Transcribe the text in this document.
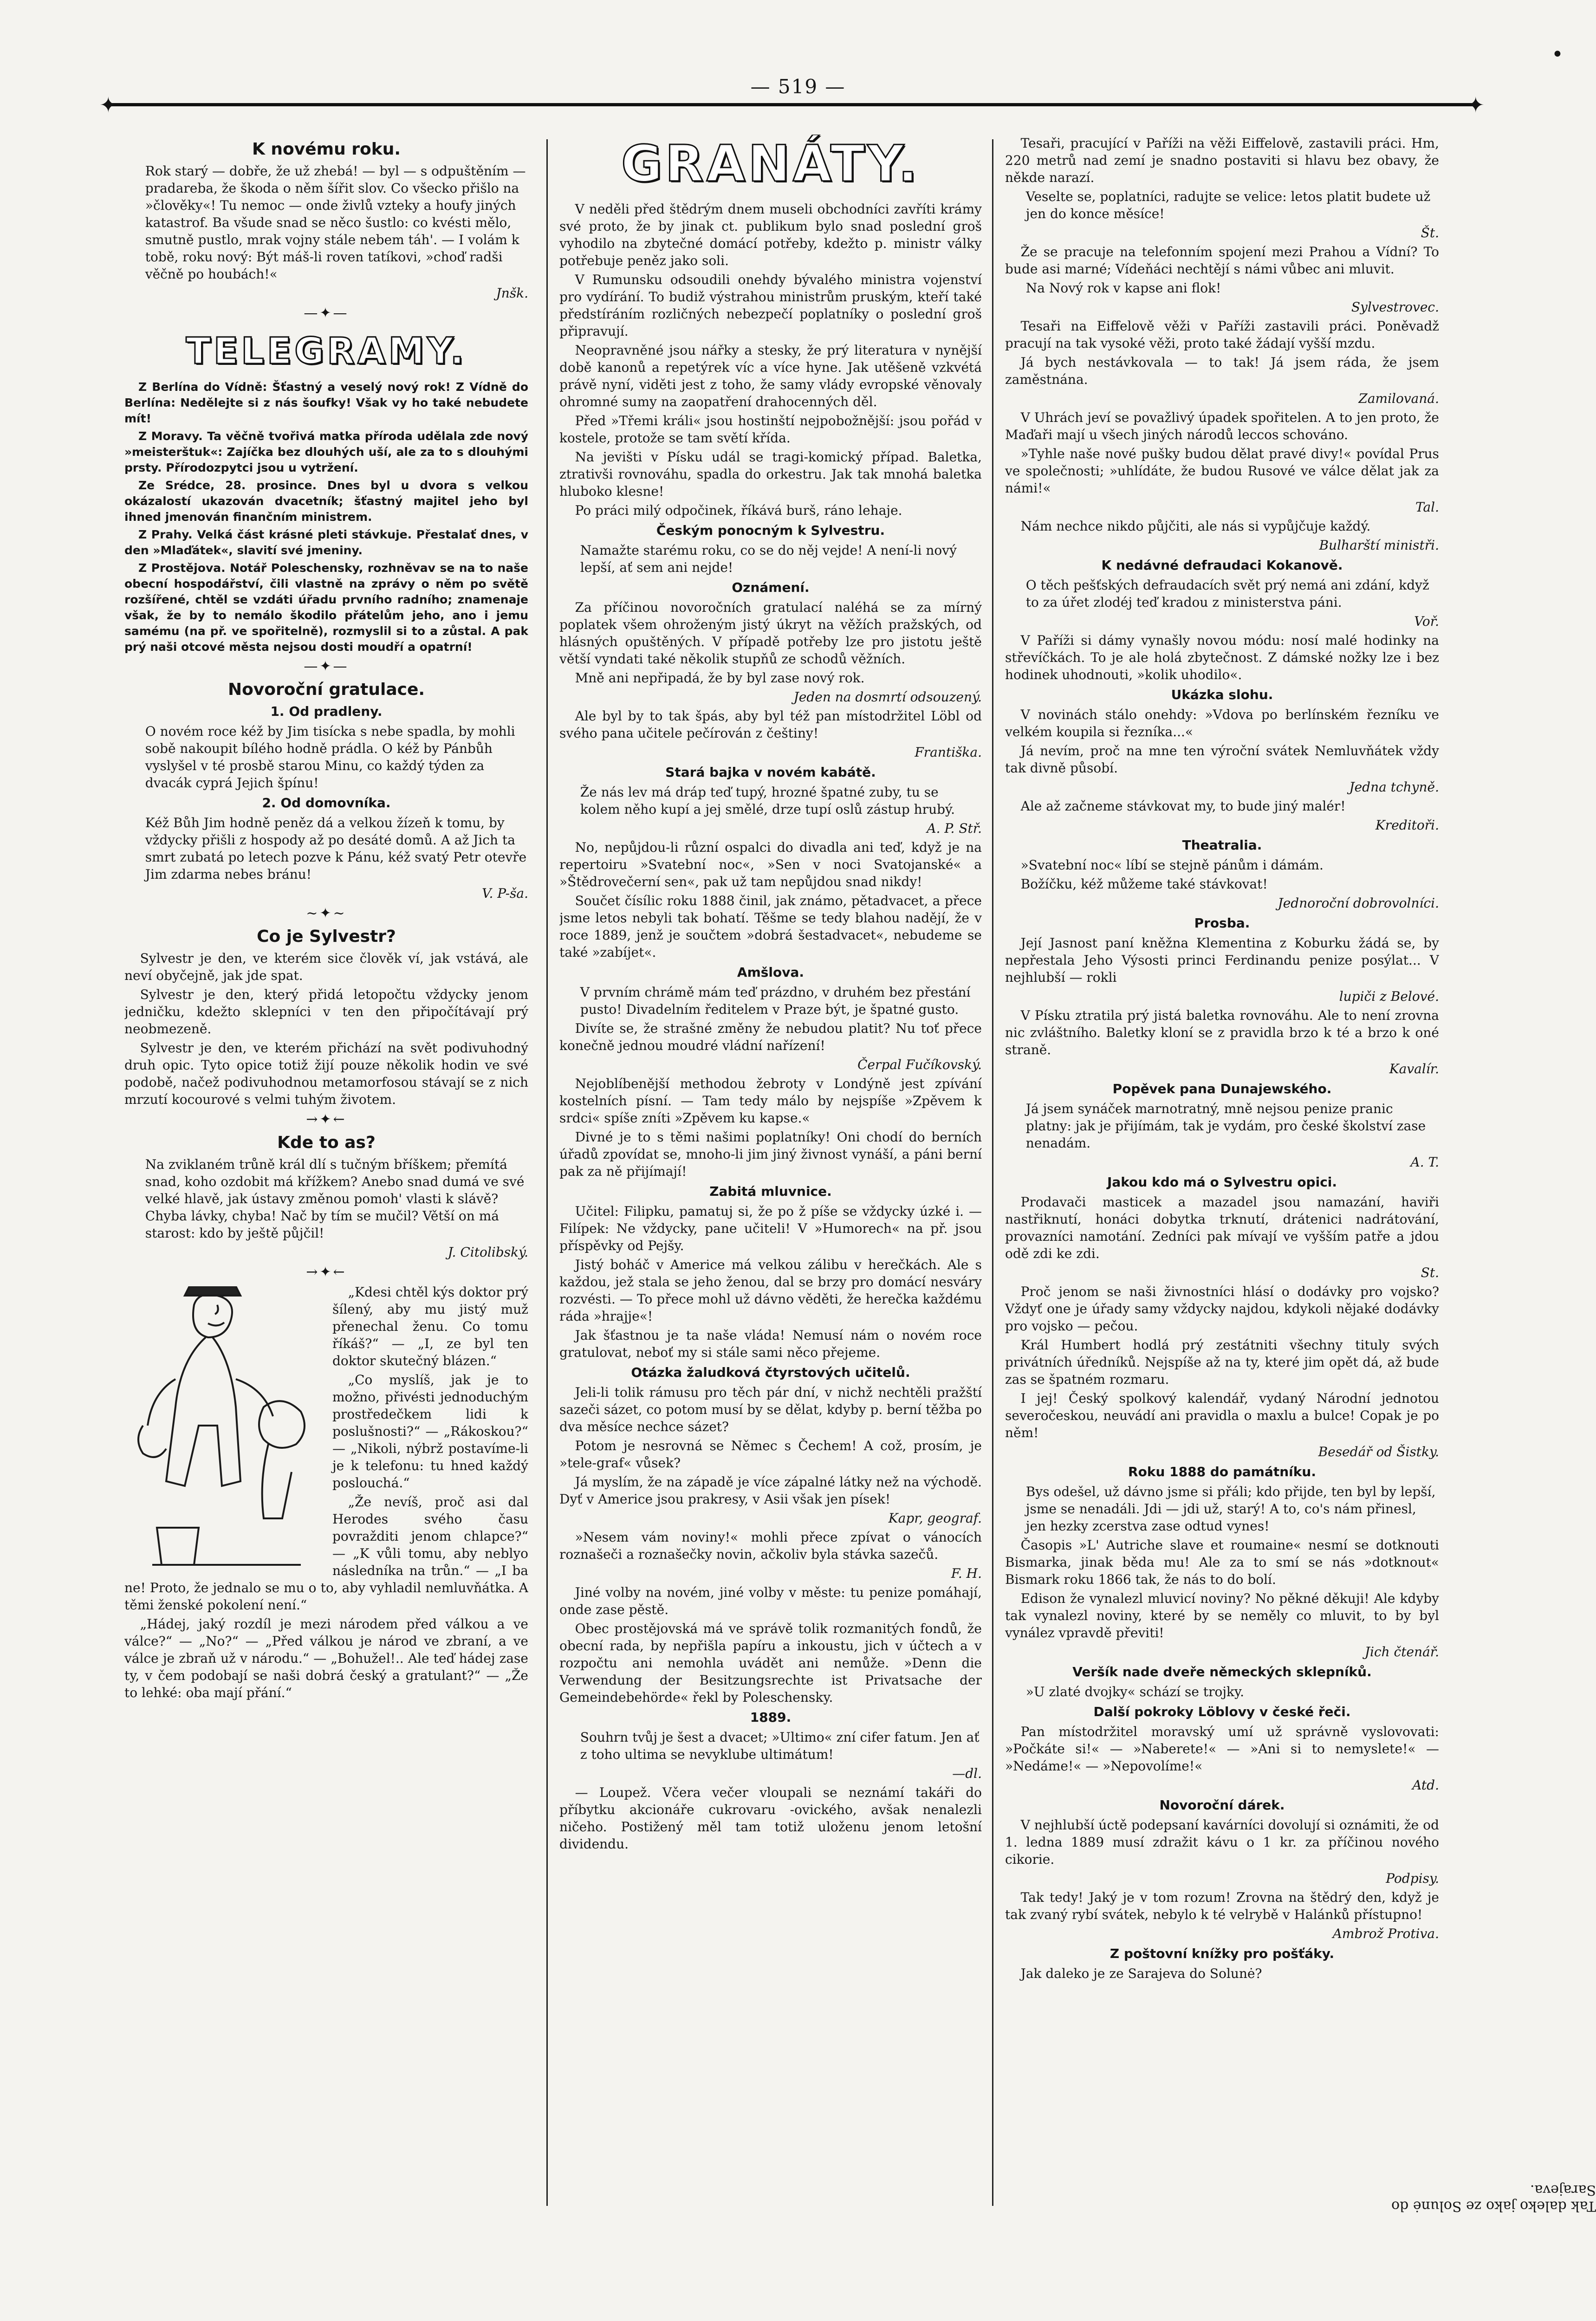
•
— 519 —
✦ ✦
K novému roku.

Rok starý — dobře, že už zhebá! — byl — s odpuštěním — pradareba, že škoda o něm šířit slov. Co všecko přišlo na »člověky«! Tu nemoc — onde živlů vzteky a houfy jiných katastrof. Ba všude snad se něco šustlo: co kvésti mělo, smutně pustlo, mrak vojny stále nebem táh'. — I volám k tobě, roku nový: Být máš-li roven tatíkovi, »choď radši věčně po houbách!«

Jnšk.

—✦—
TELEGRAMY.

Z Berlína do Vídně: Šťastný a veselý nový rok! Z Vídně do Berlína: Nedělejte si z nás šoufky! Však vy ho také nebudete mít!

Z Moravy. Ta věčně tvořivá matka příroda udělala zde nový »meisterštuk«: Zajíčka bez dlouhých uší, ale za to s dlouhými prsty. Přírodozpytci jsou u vytržení.

Ze Srédce, 28. prosince. Dnes byl u dvora s velkou okázalostí ukazován dvacetník; šťastný majitel jeho byl ihned jmenován finančním ministrem.

Z Prahy. Velká část krásné pleti stávkuje. Přestalať dnes, v den »Mlaďátek«, slavití své jmeniny.

Z Prostějova. Notář Poleschensky, rozhněvav se na to naše obecní hospodářství, čili vlastně na zprávy o něm po světě rozšířené, chtěl se vzdáti úřadu prvního radního; znamenaje však, že by to nemálo škodilo přátelům jeho, ano i jemu samému (na př. ve spořitelně), rozmyslil si to a zůstal. A pak prý naši otcové města nejsou dosti moudří a opatrní!

—✦—
Novoroční gratulace.
1. Od pradleny.

O novém roce kéž by Jim tisícka s nebe spadla, by mohli sobě nakoupit bílého hodně prádla. O kéž by Pánbůh vyslyšel v té prosbě starou Minu, co každý týden za dvacák cyprá Jejich špínu!

2. Od domovníka.

Kéž Bůh Jim hodně peněz dá a velkou žízeň k tomu, by vždycky přišli z hospody až po desáté domů. A až Jich ta smrt zubatá po letech pozve k Pánu, kéž svatý Petr otevře Jim zdarma nebes bránu!

V. P-ša.

~✦~
Co je Sylvestr?

Sylvestr je den, ve kterém sice člověk ví, jak vstává, ale neví obyčejně, jak jde spat.

Sylvestr je den, který přidá letopočtu vždycky jenom jedničku, kdežto sklepníci v ten den připočítávají prý neobmezeně.

Sylvestr je den, ve kterém přichází na svět podivuhodný druh opic. Tyto opice totiž žijí pouze několik hodin ve své podobě, načež podivuhodnou metamorfosou stávají se z nich mrzutí kocourové s velmi tuhým životem.

→✦←
Kde to as?

Na zviklaném trůně král dlí s tučným bříškem; přemítá snad, koho ozdobit má křížkem? Anebo snad dumá ve své velké hlavě, jak ústavy změnou pomoh' vlasti k slávě? Chyba lávky, chyba! Nač by tím se mučil? Větší on má starost: kdo by ještě půjčil!

J. Citolibský.

→✦←

„Kdesi chtěl kýs doktor prý šílený, aby mu jistý muž přenechal ženu. Co tomu říkáš?“ — „I, ze byl ten doktor skutečný blázen.“

„Co myslíš, jak je to možno, přivésti jednoduchým prostředečkem lidi k poslušnosti?“ — „Rákoskou?“ — „Nikoli, nýbrž postavíme-li je k telefonu: tu hned každý poslouchá.“

„Že nevíš, proč asi dal Herodes svého času povražditi jenom chlapce?“ — „K vůli tomu, aby neblyo následníka na trůn.“ — „I ba ne! Proto, že jednalo se mu o to, aby vyhladil nemluvňátka. A těmi ženské pokolení není.“

„Hádej, jaký rozdíl je mezi národem před válkou a ve válce?“ — „No?“ — „Před válkou je národ ve zbraní, a ve válce je zbraň už v národu.“ — „Bohužel!.. Ale teď hádej zase ty, v čem podobají se naši dobrá český a gratulant?“ — „Že to lehké: oba mají přání.“

GRANÁTY.

V neděli před štědrým dnem museli obchodníci zavříti krámy své proto, že by jinak ct. publikum bylo snad poslední groš vyhodilo na zbytečné domácí potřeby, kdežto p. ministr války potřebuje peněz jako soli.

V Rumunsku odsoudili onehdy bývalého ministra vojenství pro vydírání. To budiž výstrahou ministrům pruským, kteří také předstíráním rozličných nebezpečí poplatníky o poslední groš připravují.

Neopravněné jsou nářky a stesky, že prý literatura v nynější době kanonů a repetýrek víc a více hyne. Jak utěšeně vzkvétá právě nyní, viděti jest z toho, že samy vlády evropské věnovaly ohromné sumy na zaopatření drahocenných děl.

Před »Třemi králi« jsou hostinští nejpobožnější: jsou pořád v kostele, protože se tam světí křída.

Na jevišti v Písku udál se tragi-komický případ. Baletka, ztrativši rovnováhu, spadla do orkestru. Jak tak mnohá baletka hluboko klesne!

Po práci milý odpočinek, říkává burš, ráno lehaje.

Českým ponocným k Sylvestru.

Namažte starému roku, co se do něj vejde! A není-li nový lepší, ať sem ani nejde!

Oznámení.

Za příčinou novoročních gratulací naléhá se za mírný poplatek všem ohroženým jistý úkryt na věžích pražských, od hlásných opuštěných. V případě potřeby lze pro jistotu ještě větší vyndati také několik stupňů ze schodů věžních.

Mně ani nepřipadá, že by byl zase nový rok.

Jeden na dosmrtí odsouzený.

Ale byl by to tak špás, aby byl též pan místodržitel Löbl od svého pana učitele pečírován z češtiny!

Františka.

Stará bajka v novém kabátě.

Že nás lev má dráp teď tupý, hrozné špatné zuby, tu se kolem něho kupí a jej smělé, drze tupí oslů zástup hrubý.

A. P. Stř.

No, nepůjdou-li různí ospalci do divadla ani teď, když je na repertoiru »Svatební noc«, »Sen v noci Svatojanské« a »Štědrovečerní sen«, pak už tam nepůjdou snad nikdy!

Součet čísílic roku 1888 činil, jak známo, pětadvacet, a přece jsme letos nebyli tak bohatí. Těšme se tedy blahou nadějí, že v roce 1889, jenž je součtem »dobrá šestadvacet«, nebudeme se také »zabíjet«.

Amšlova.

V prvním chrámě mám teď prázdno, v druhém bez přestání pusto! Divadelním ředitelem v Praze být, je špatné gusto.

Divíte se, že strašné změny že nebudou platit? Nu toť přece konečně jednou moudré vládní nařízení!

Čerpal Fučíkovský.

Nejoblíbenější methodou žebroty v Londýně jest zpívání kostelních písní. — Tam tedy málo by nejspíše »Zpěvem k srdci« spíše zníti »Zpěvem ku kapse.«

Divné je to s těmi našimi poplatníky! Oni chodí do berních úřadů zpovídat se, mnoho-li jim jiný živnost vynáší, a páni berní pak za ně přijímají!

Zabitá mluvnice.

Učitel: Filipku, pamatuj si, že po ž píše se vždycky úzké i. — Filípek: Ne vždycky, pane učiteli! V »Humorech« na př. jsou příspěvky od Pejšy.

Jistý boháč v Americe má velkou zálibu v herečkách. Ale s každou, jež stala se jeho ženou, dal se brzy pro domácí nesváry rozvésti. — To přece mohl už dávno věděti, že herečka každému ráda »hrajje«!

Jak šťastnou je ta naše vláda! Nemusí nám o novém roce gratulovat, neboť my si stále sami něco přejeme.

Otázka žaludková čtyrstových učitelů.

Jeli-li tolik rámusu pro těch pár dní, v nichž nechtěli pražští sazeči sázet, co potom musí by se dělat, kdyby p. berní těžba po dva měsíce nechce sázet?

Potom je nesrovná se Němec s Čechem! A což, prosím, je »tele-graf« vůsek?

Já myslím, že na západě je více zápalné látky než na východě. Dyť v Americe jsou prakresy, v Asii však jen písek!

Kapr, geograf.

»Nesem vám noviny!« mohli přece zpívat o vánocích roznašeči a roznašečky novin, ačkoliv byla stávka sazečů.

F. H.

Jiné volby na novém, jiné volby v měste: tu penize pomáhají, onde zase pěstě.

Obec prostějovská má ve správě tolik rozmanitých fondů, že obecní rada, by nepřišla papíru a inkoustu, jich v účtech a v rozpočtu ani nemohla uvádět ani nemůže. »Denn die Verwendung der Besitzungsrechte ist Privatsache der Gemeindebehörde« řekl by Poleschensky.

1889.

Souhrn tvůj je šest a dvacet; »Ultimo« zní cifer fatum. Jen ať z toho ultima se nevyklube ultimátum!

—dl.

— Loupež. Včera večer vloupali se neznámí takáři do příbytku akcionáře cukrovaru -ovického, avšak nenalezli ničeho. Postižený měl tam totiž uloženu jenom letošní dividendu.

Tesaři, pracující v Paříži na věži Eiffelově, zastavili práci. Hm, 220 metrů nad zemí je snadno postaviti si hlavu bez obavy, že někde narazí.

Veselte se, poplatníci, radujte se velice: letos platit budete už jen do konce měsíce!

Št.

Že se pracuje na telefonním spojení mezi Prahou a Vídní? To bude asi marné; Vídeňáci nechtějí s námi vůbec ani mluvit.

Na Nový rok v kapse ani flok!

Sylvestrovec.

Tesaři na Eiffelově věži v Paříži zastavili práci. Poněvadž pracují na tak vysoké věži, proto také žádají vyšší mzdu.

Já bych nestávkovala — to tak! Já jsem ráda, že jsem zaměstnána.

Zamilovaná.

V Uhrách jeví se považlivý úpadek spořitelen. A to jen proto, že Maďaři mají u všech jiných národů leccos schováno.

»Tyhle naše nové pušky budou dělat pravé divy!« povídal Prus ve společnosti; »uhlídáte, že budou Rusové ve válce dělat jak za námi!«

Tal.

Nám nechce nikdo půjčiti, ale nás si vypůjčuje každý.

Bulharští ministři.

K nedávné defraudaci Kokanově.

O těch pešťských defraudacích svět prý nemá ani zdání, když to za úřet zlodéj teď kradou z ministerstva páni.

Voř.

V Paříži si dámy vynašly novou módu: nosí malé hodinky na střevíčkách. To je ale holá zbytečnost. Z dámské nožky lze i bez hodinek uhodnouti, »kolik uhodilo«.

Ukázka slohu.

V novinách stálo onehdy: »Vdova po berlínském řezníku ve velkém koupila si řezníka...«

Já nevím, proč na mne ten výroční svátek Nemluvňátek vždy tak divně působí.

Jedna tchyně.

Ale až začneme stávkovat my, to bude jiný malér!

Kreditoři.

Theatralia.

»Svatební noc« líbí se stejně pánům i dámám.

Božíčku, kéž můžeme také stávkovat!

Jednoroční dobrovolníci.

Prosba.

Její Jasnost paní kněžna Klementina z Koburku žádá se, by nepřestala Jeho Výsosti princi Ferdinandu penize posýlat... V nejhlubší — rokli

lupiči z Belové.

V Písku ztratila prý jistá baletka rovnováhu. Ale to není zrovna nic zvláštního. Baletky kloní se z pravidla brzo k té a brzo k oné straně.

Kavalír.

Popěvek pana Dunajewského.

Já jsem synáček marnotratný, mně nejsou penize pranic platny: jak je přijímám, tak je vydám, pro české školství zase nenadám.

A. T.

Jakou kdo má o Sylvestru opici.

Prodavači masticek a mazadel jsou namazání, haviři nastřiknutí, honáci dobytka trknutí, drátenici nadrátování, provazníci namotání. Zedníci pak mívají ve vyšším patře a jdou odě zdi ke zdi.

St.

Proč jenom se naši živnostníci hlásí o dodávky pro vojsko? Vždyť one je úřady samy vždycky najdou, kdykoli nějaké dodávky pro vojsko — pečou.

Král Humbert hodlá prý zestátniti všechny tituly svých privátních úředníků. Nejspíše až na ty, které jim opět dá, až bude zas se špatném rozmaru.

I jej! Český spolkový kalendář, vydaný Národní jednotou severočeskou, neuvádí ani pravidla o maxlu a bulce! Copak je po něm!

Besedář od Šistky.

Roku 1888 do památníku.

Bys odešel, už dávno jsme si přáli; kdo přijde, ten byl by lepší, jsme se nenadáli. Jdi — jdi už, starý! A to, co's nám přinesl, jen hezky zcerstva zase odtud vynes!

Časopis »L' Autriche slave et roumaine« nesmí se dotknouti Bismarka, jinak běda mu! Ale za to smí se nás »dotknout« Bismark roku 1866 tak, že nás to do bolí.

Edison že vynalezl mluvicí noviny? No pěkné děkuji! Ale kdyby tak vynalezl noviny, které by se neměly co mluvit, to by byl vynález vpravdě převiti!

Jich čtenář.

Veršík nade dveře německých sklepníků.

»U zlaté dvojky« schází se trojky.

Další pokroky Löblovy v české řeči.

Pan místodržitel moravský umí už správně vyslovovati: »Počkáte si!« — »Naberete!« — »Ani si to nemyslete!« — »Nedáme!« — »Nepovolíme!«

Atd.

Novoroční dárek.

V nejhlubší úctě podepsaní kavárníci dovolují si oznámiti, že od 1. ledna 1889 musí zdražit kávu o 1 kr. za příčinou nového cikorie.

Podpisy.

Tak tedy! Jaký je v tom rozum! Zrovna na štědrý den, když je tak zvaný rybí svátek, nebylo k té velrybě v Halánků přístupno!

Ambrož Protiva.

Z poštovní knížky pro pošťáky.

Jak daleko je ze Sarajeva do Solunė?

Tak daleko jako ze Solunė do Sarajeva.
